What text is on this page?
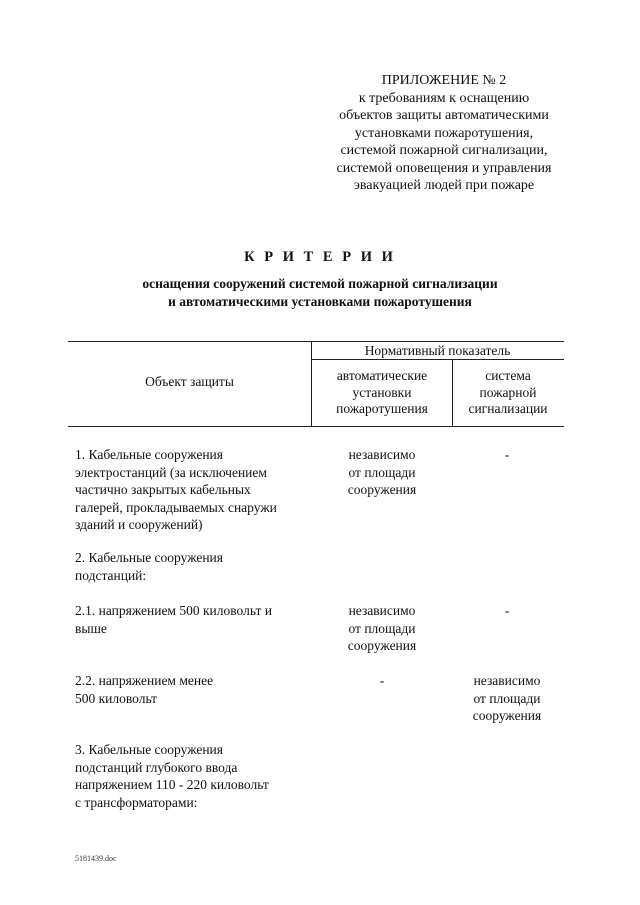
ПРИЛОЖЕНИЕ № 2
к требованиям к оснащению
объектов защиты автоматическими
установками пожаротушения,
системой пожарной сигнализации,
системой оповещения и управления
эвакуацией людей при пожаре
К Р И Т Е Р И И
оснащения сооружений системой пожарной сигнализации
и автоматическими установками пожаротушения
Объект защиты
Нормативный показатель
автоматические
установки
пожаротушения
система
пожарной
сигнализации
1. Кабельные сооружения
электростанций (за исключением
частично закрытых кабельных
галерей, прокладываемых снаружи
зданий и сооружений)
независимо
от площади
сооружения
-
2. Кабельные сооружения
подстанций:
2.1. напряжением 500 киловольт и
выше
независимо
от площади
сооружения
-
2.2. напряжением менее
500 киловольт
-	независимо
от площади
сооружения
3. Кабельные сооружения
подстанций глубокого ввода
напряжением 110 - 220 киловольт
с трансформаторами:
5181439.doc
